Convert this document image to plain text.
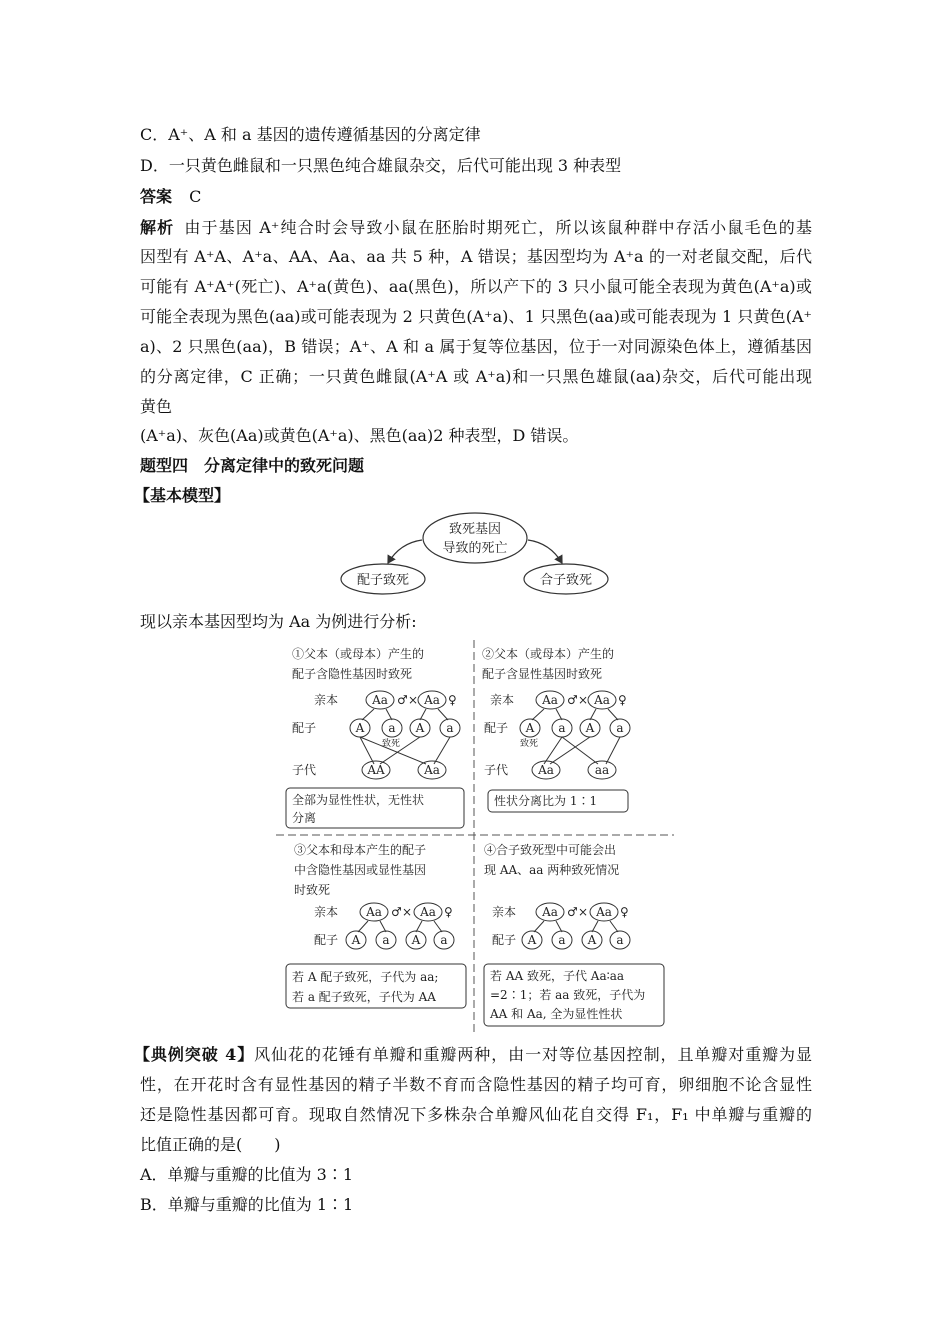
C．A⁺、A 和 a 基因的遗传遵循基因的分离定律
D．一只黄色雌鼠和一只黑色纯合雄鼠杂交，后代可能出现 3 种表型
答案 C
解析 由于基因 A⁺纯合时会导致小鼠在胚胎时期死亡，所以该鼠种群中存活小鼠毛色的基
因型有 A⁺A、A⁺a、AA、Aa、aa 共 5 种，A 错误；基因型均为 A⁺a 的一对老鼠交配，后代
可能有 A⁺A⁺(死亡)、A⁺a(黄色)、aa(黑色)，所以产下的 3 只小鼠可能全表现为黄色(A⁺a)或
可能全表现为黑色(aa)或可能表现为 2 只黄色(A⁺a)、1 只黑色(aa)或可能表现为 1 只黄色(A⁺
a)、2 只黑色(aa)，B 错误；A⁺、A 和 a 属于复等位基因，位于一对同源染色体上，遵循基因
的分离定律，C 正确；一只黄色雌鼠(A⁺A 或 A⁺a)和一只黑色雄鼠(aa)杂交，后代可能出现
黄色
(A⁺a)、灰色(Aa)或黄色(A⁺a)、黑色(aa)2 种表型，D 错误。
题型四　分离定律中的致死问题
【基本模型】
致死基因
导致的死亡
配子致死	合子致死
现以亲本基因型均为 Aa 为例进行分析:
①父本（或母本）产生的
配子含隐性基因时致死
亲本	Aa ♂ × Aa ♀
配子	A a A a
致死
子代	AA	Aa
全部为显性性状，无性状
分离
②父本（或母本）产生的
配子含显性基因时致死
亲本 Aa ♂ × Aa ♀
配子 A a A a
致死
子代	Aa	aa
性状分离比为 1∶1
③父本和母本产生的配子
中含隐性基因或显性基因
时致死
亲本 Aa ♂ × Aa ♀
配子 A a A a
若 A 配子致死，子代为 aa;
若 a 配子致死，子代为 AA
④合子致死型中可能会出
现 AA、aa 两种致死情况
亲本 Aa ♂ × Aa ♀
配子 A a A a
若 AA 致死，子代 Aa∶aa
=2∶1；若 aa 致死，子代为
AA 和 Aa, 全为显性性状
【典例突破 4】风仙花的花锤有单瓣和重瓣两种，由一对等位基因控制，且单瓣对重瓣为显
性，在开花时含有显性基因的精子半数不育而含隐性基因的精子均可育，卵细胞不论含显性
还是隐性基因都可育。现取自然情况下多株杂合单瓣风仙花自交得 F₁，F₁ 中单瓣与重瓣的
比值正确的是(　　)
A．单瓣与重瓣的比值为 3∶1
B．单瓣与重瓣的比值为 1∶1
